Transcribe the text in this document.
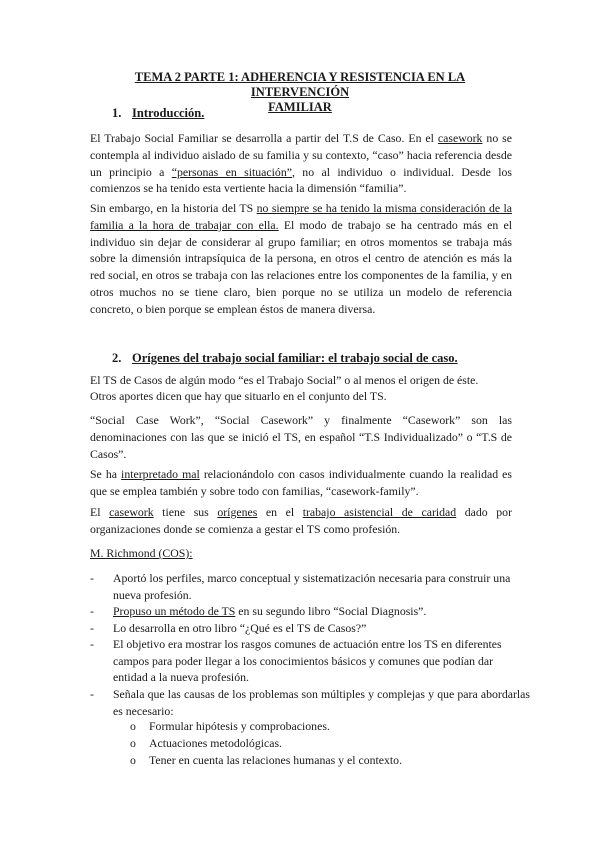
TEMA 2 PARTE 1: ADHERENCIA Y RESISTENCIA EN LA INTERVENCIÓN
FAMILIAR
1. Introducción.
El Trabajo Social Familiar se desarrolla a partir del T.S de Caso. En el casework no se contempla al individuo aislado de su familia y su contexto, “caso” hacia referencia desde un principio a “personas en situación”, no al individuo o individual. Desde los comienzos se ha tenido esta vertiente hacia la dimensión “familia”.
Sin embargo, en la historia del TS no siempre se ha tenido la misma consideración de la familia a la hora de trabajar con ella. El modo de trabajo se ha centrado más en el individuo sin dejar de considerar al grupo familiar; en otros momentos se trabaja más sobre la dimensión intrapsíquica de la persona, en otros el centro de atención es más la red social, en otros se trabaja con las relaciones entre los componentes de la familia, y en otros muchos no se tiene claro, bien porque no se utiliza un modelo de referencia concreto, o bien porque se emplean éstos de manera diversa.
2. Orígenes del trabajo social familiar: el trabajo social de caso.
El TS de Casos de algún modo “es el Trabajo Social” o al menos el origen de éste.
Otros aportes dicen que hay que situarlo en el conjunto del TS.
“Social Case Work”, “Social Casework” y finalmente “Casework” son las denominaciones con las que se inició el TS, en español “T.S Individualizado” o “T.S de Casos”.
Se ha interpretado mal relacionándolo con casos individualmente cuando la realidad es que se emplea también y sobre todo con familias, “casework-family”.
El casework tiene sus orígenes en el trabajo asistencial de caridad dado por organizaciones donde se comienza a gestar el TS como profesión.
M. Richmond (COS):
- Aportó los perfiles, marco conceptual y sistematización necesaria para construir una nueva profesión.
- Propuso un método de TS en su segundo libro “Social Diagnosis”.
- Lo desarrolla en otro libro “¿Qué es el TS de Casos?”
- El objetivo era mostrar los rasgos comunes de actuación entre los TS en diferentes campos para poder llegar a los conocimientos básicos y comunes que podían dar entidad a la nueva profesión.
- Señala que las causas de los problemas son múltiples y complejas y que para abordarlas es necesario:
o Formular hipótesis y comprobaciones.
o Actuaciones metodológicas.
o Tener en cuenta las relaciones humanas y el contexto.
